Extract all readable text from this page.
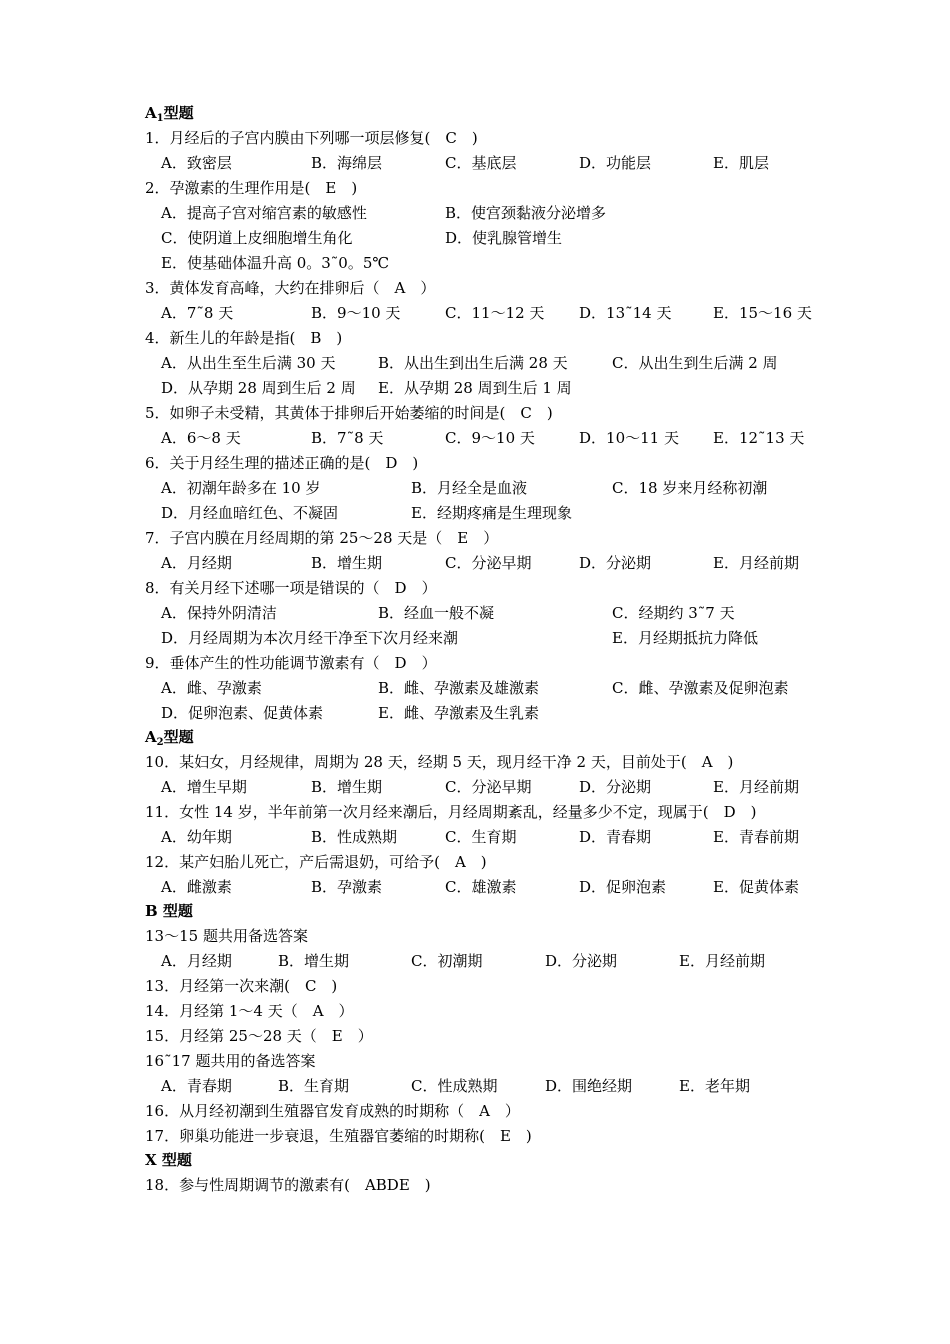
$A_1$型题
1．月经后的子宫内膜由下列哪一项层修复(　C　)
A．致密层	B．海绵层	C．基底层	D．功能层	E．肌层
2．孕激素的生理作用是(　E　)
A．提高子宫对缩宫素的敏感性	B．使宫颈黏液分泌增多
C．使阴道上皮细胞增生角化	D．使乳腺管增生
E．使基础体温升高 0。3˜0。5℃
3．黄体发育高峰，大约在排卵后（　A　）
A．7˜8 天	B．9～10 天	C．11～12 天 D．13˜14 天	E．15～16 天
4．新生儿的年龄是指(　B　)
A．从出生至生后满 30 天	B．从出生到出生后满 28 天	C．从出生到生后满 2 周
D．从孕期 28 周到生后 2 周 E．从孕期 28 周到生后 1 周
5．如卵子未受精，其黄体于排卵后开始萎缩的时间是(　C　)
A．6～8 天	B．7˜8 天	C．9～10 天	D．10～11 天 E．12˜13 天
6．关于月经生理的描述正确的是(　D　)
A．初潮年龄多在 10 岁	B．月经全是血液	C．18 岁来月经称初潮
D．月经血暗红色、不凝固	E．经期疼痛是生理现象
7．子宫内膜在月经周期的第 25～28 天是（　E　）
A．月经期	B．增生期	C．分泌早期	D．分泌期	E．月经前期
8．有关月经下述哪一项是错误的（　D　）
A．保持外阴清洁	B．经血一般不凝	C．经期约 3˜7 天
D．月经周期为本次月经干净至下次月经来潮	E．月经期抵抗力降低
9．垂体产生的性功能调节激素有（　D　）
A．雌、孕激素	B．雌、孕激素及雄激素	C．雌、孕激素及促卵泡素
D．促卵泡素、促黄体素	E．雌、孕激素及生乳素
$A_2$型题
10．某妇女，月经规律，周期为 28 天，经期 5 天，现月经干净 2 天，目前处于(　A　)
A．增生早期	B．增生期	C．分泌早期	D．分泌期	E．月经前期
11．女性 14 岁，半年前第一次月经来潮后，月经周期紊乱，经量多少不定，现属于(　D　)
A．幼年期	B．性成熟期	C．生育期	D．青春期	E．青春前期
12．某产妇胎儿死亡，产后需退奶，可给予(　A　)
A．雌激素	B．孕激素	C．雄激素	D．促卵泡素	E．促黄体素
B 型题
13～15 题共用备选答案
A．月经期	B．增生期	C．初潮期	D．分泌期	E．月经前期
13．月经第一次来潮(　C　)
14．月经第 1～4 天（　A　）
15．月经第 25～28 天（　E　）
16˜17 题共用的备选答案
A．青春期	B．生育期	C．性成熟期	D．围绝经期	E．老年期
16．从月经初潮到生殖器官发育成熟的时期称（　A　）
17．卵巢功能进一步衰退，生殖器官萎缩的时期称(　E　)
X 型题
18．参与性周期调节的激素有(　ABDE　)
